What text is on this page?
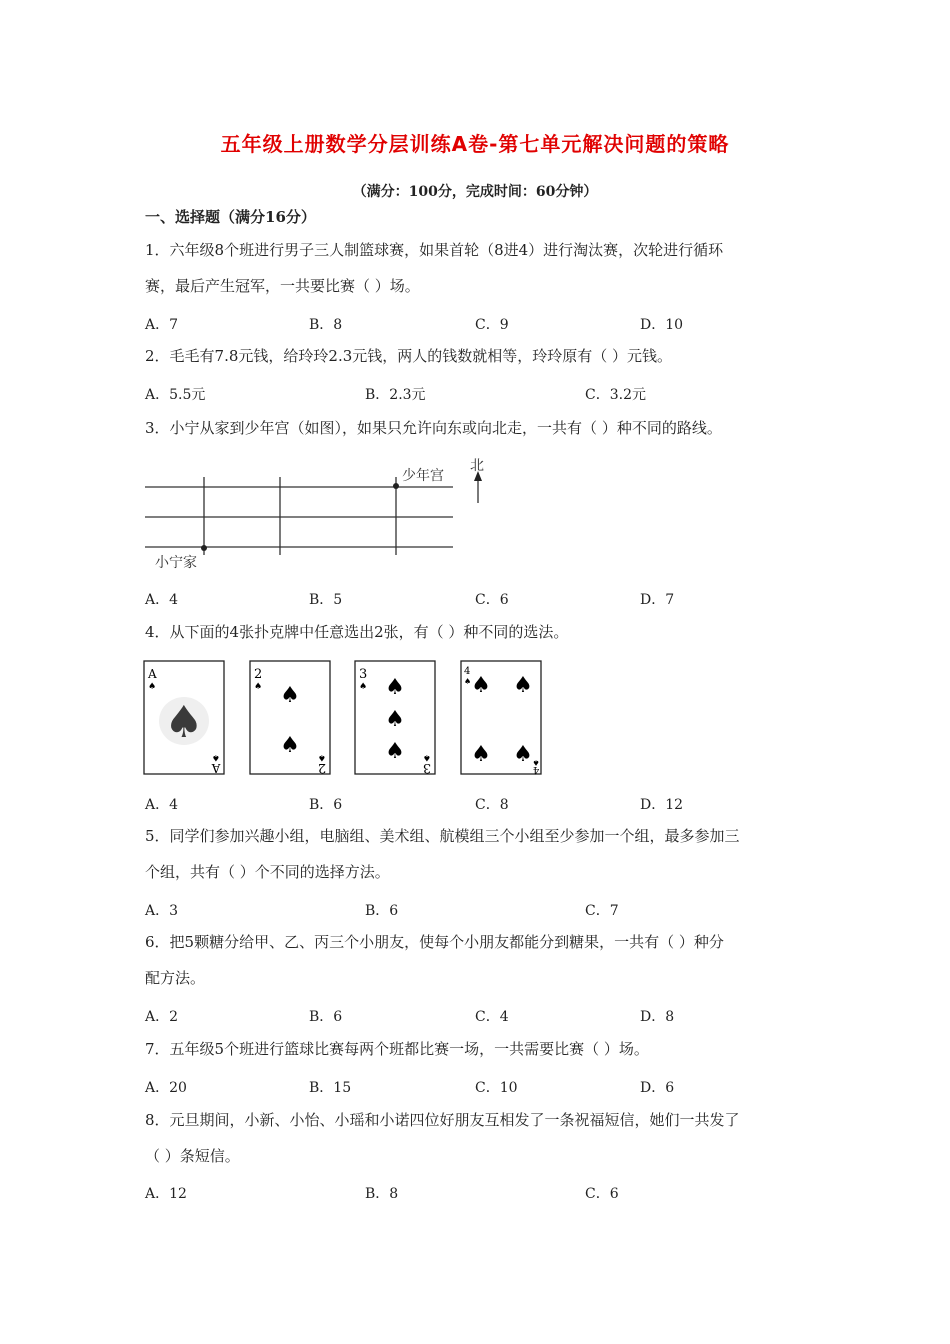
五年级上册数学分层训练A卷-第七单元解决问题的策略
（满分：100分，完成时间：60分钟）
一、选择题（满分16分）
1．六年级8个班进行男子三人制篮球赛，如果首轮（8进4）进行淘汰赛，次轮进行循环
赛，最后产生冠军，一共要比赛（ ）场。
A．7	B．8	C．9	D．10
2．毛毛有7.8元钱，给玲玲2.3元钱，两人的钱数就相等，玲玲原有（ ）元钱。
A．5.5元	B．2.3元	C．3.2元
3．小宁从家到少年宫（如图），如果只允许向东或向北走，一共有（ ）种不同的路线。
小宁家
少年宫
北
A．4	B．5	C．6	D．7
4．从下面的4张扑克牌中任意选出2张，有（ ）种不同的选法。
A
♠
♠
♠
A
2
♠ ♠
♠ ♠
2
3
♠ ♠
♠
♠ ♠
3
4
♠ ♠ ♠
♠ ♠ ♠
4
A．4	B．6	C．8	D．12
5．同学们参加兴趣小组，电脑组、美术组、航模组三个小组至少参加一个组，最多参加三
个组，共有（ ）个不同的选择方法。
A．3	B．6	C．7
6．把5颗糖分给甲、乙、丙三个小朋友，使每个小朋友都能分到糖果，一共有（ ）种分
配方法。
A．2	B．6	C．4	D．8
7．五年级5个班进行篮球比赛每两个班都比赛一场，一共需要比赛（ ）场。
A．20	B．15	C．10	D．6
8．元旦期间，小新、小怡、小瑶和小诺四位好朋友互相发了一条祝福短信，她们一共发了
（ ）条短信。
A．12	B．8	C．6
